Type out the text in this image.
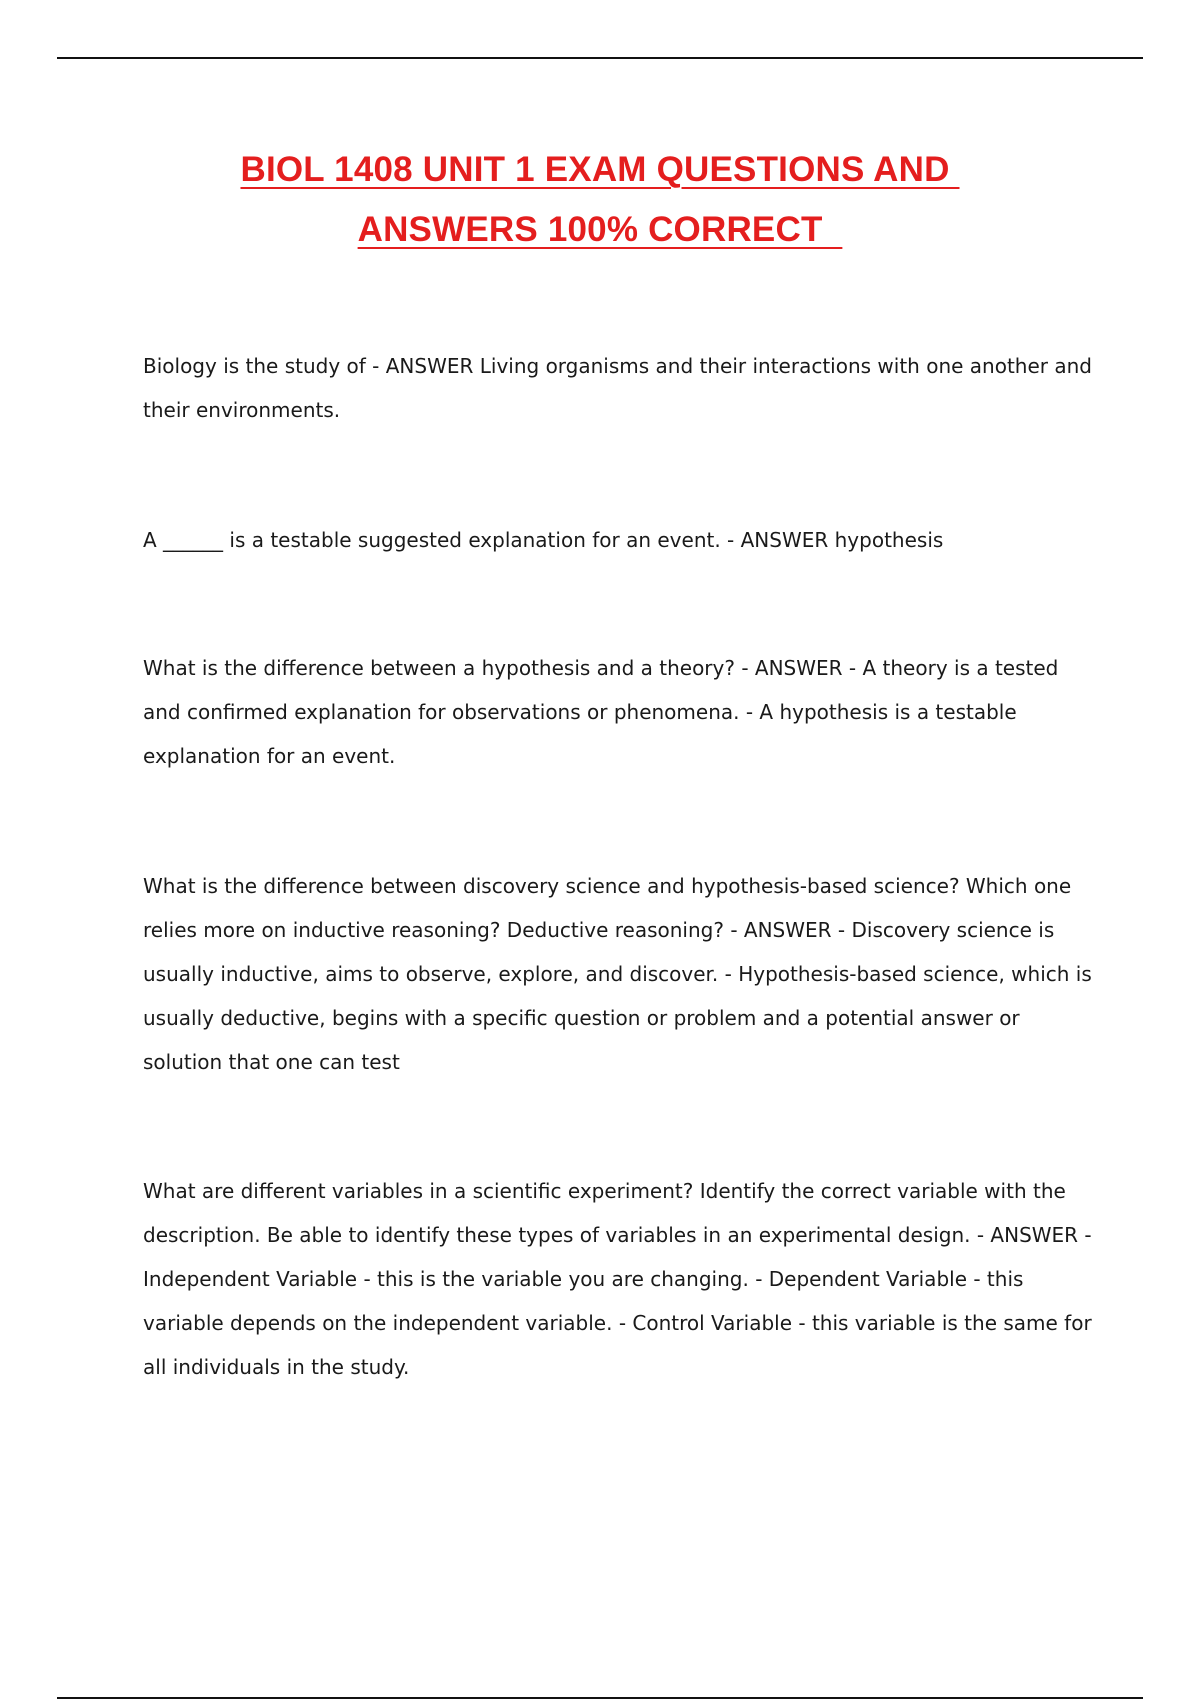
BIOL 1408 UNIT 1 EXAM QUESTIONS AND
ANSWERS 100% CORRECT

Biology is the study of - ANSWER Living organisms and their interactions with one another and their environments.

A ______ is a testable suggested explanation for an event. - ANSWER hypothesis

What is the difference between a hypothesis and a theory? - ANSWER - A theory is a tested and confirmed explanation for observations or phenomena. - A hypothesis is a testable explanation for an event.

What is the difference between discovery science and hypothesis-based science? Which one relies more on inductive reasoning? Deductive reasoning? - ANSWER - Discovery science is usually inductive, aims to observe, explore, and discover. - Hypothesis-based science, which is usually deductive, begins with a specific question or problem and a potential answer or solution that one can test

What are different variables in a scientific experiment? Identify the correct variable with the description. Be able to identify these types of variables in an experimental design. - ANSWER - Independent Variable - this is the variable you are changing. - Dependent Variable - this variable depends on the independent variable. - Control Variable - this variable is the same for all individuals in the study.
